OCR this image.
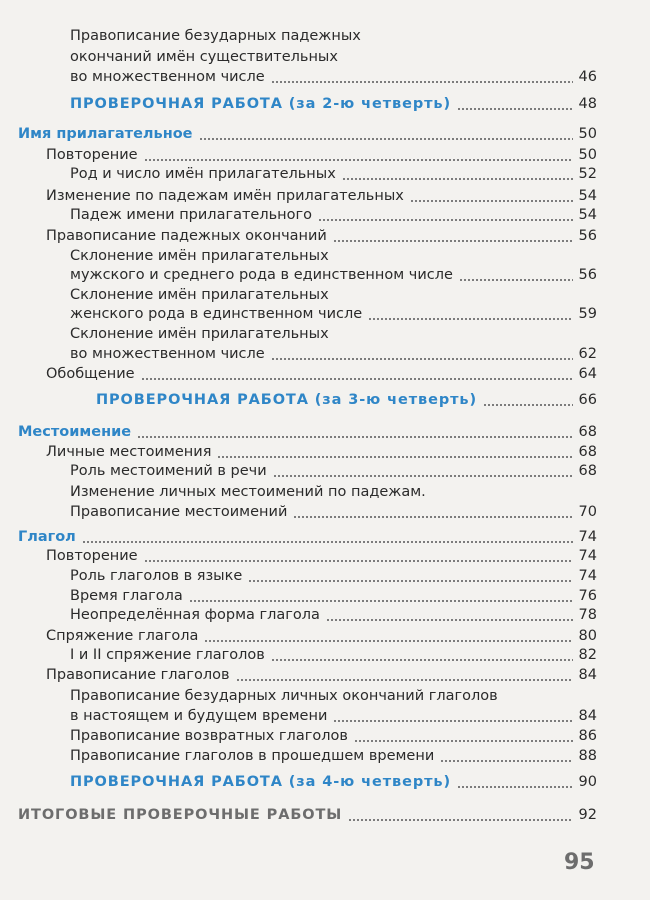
Правописание безударных падежных
окончаний имён существительных
во множественном числе	46
ПРОВЕРОЧНАЯ РАБОТА (за 2-ю четверть)	48
Имя прилагательное	50
Повторение	50
Род и число имён прилагательных	52
Изменение по падежам имён прилагательных	54
Падеж имени прилагательного	54
Правописание падежных окончаний	56
Склонение имён прилагательных
мужского и среднего рода в единственном числе	56
Склонение имён прилагательных
женского рода в единственном числе	59
Склонение имён прилагательных
во множественном числе	62
Обобщение	64
ПРОВЕРОЧНАЯ РАБОТА (за 3-ю четверть)	66
Местоимение	68
Личные местоимения	68
Роль местоимений в речи	68
Изменение личных местоимений по падежам.
Правописание местоимений	70
Глагол	74
Повторение	74
Роль глаголов в языке	74
Время глагола	76
Неопределённая форма глагола	78
Спряжение глагола	80
I и II спряжение глаголов	82
Правописание глаголов	84
Правописание безударных личных окончаний глаголов
в настоящем и будущем времени	84
Правописание возвратных глаголов	86
Правописание глаголов в прошедшем времени	88
ПРОВЕРОЧНАЯ РАБОТА (за 4-ю четверть)	90
ИТОГОВЫЕ ПРОВЕРОЧНЫЕ РАБОТЫ	92
95
